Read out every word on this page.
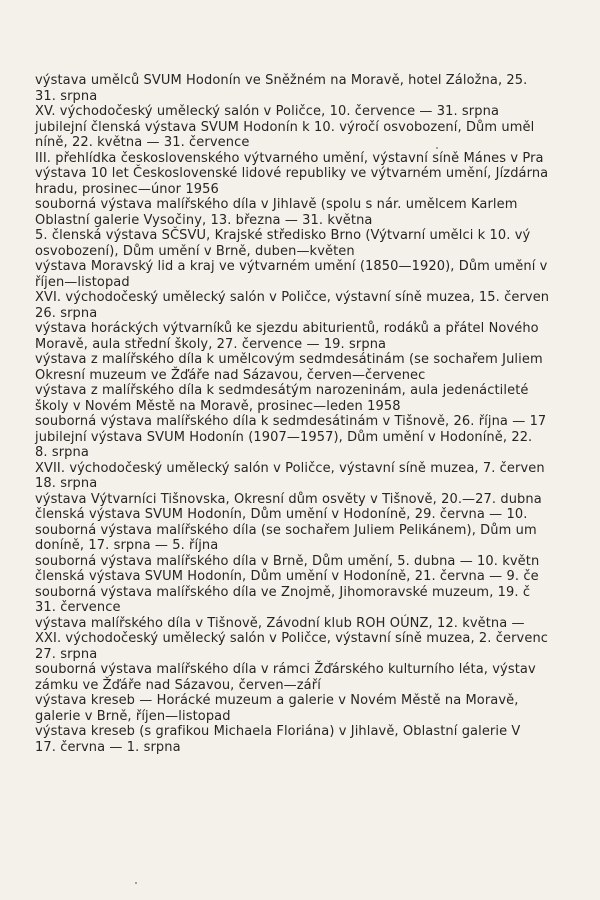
výstava umělců SVUM Hodonín ve Sněžném na Moravě, hotel Záložna, 25.
31. srpna
XV. východočeský umělecký salón v Poličce, 10. července — 31. srpna
jubilejní členská výstava SVUM Hodonín k 10. výročí osvobození, Dům uměl
níně, 22. května — 31. července
III. přehlídka československého výtvarného umění, výstavní síně Mánes v Pra
výstava 10 let Československé lidové republiky ve výtvarném umění, Jízdárna
hradu, prosinec—únor 1956
souborná výstava malířského díla v Jihlavě (spolu s nár. umělcem Karlem
Oblastní galerie Vysočiny, 13. března — 31. května
5. členská výstava SČSVU, Krajské středisko Brno (Výtvarní umělci k 10. vý
osvobození), Dům umění v Brně, duben—květen
výstava Moravský lid a kraj ve výtvarném umění (1850—1920), Dům umění v
říjen—listopad
XVI. východočeský umělecký salón v Poličce, výstavní síně muzea, 15. červen
26. srpna
výstava horáckých výtvarníků ke sjezdu abiturientů, rodáků a přátel Nového
Moravě, aula střední školy, 27. července — 19. srpna
výstava z malířského díla k umělcovým sedmdesátinám (se sochařem Juliem
Okresní muzeum ve Žďáře nad Sázavou, červen—červenec
výstava z malířského díla k sedmdesátým narozeninám, aula jedenáctileté
školy v Novém Městě na Moravě, prosinec—leden 1958
souborná výstava malířského díla k sedmdesátinám v Tišnově, 26. října — 17
jubilejní výstava SVUM Hodonín (1907—1957), Dům umění v Hodoníně, 22.
8. srpna
XVII. východočeský umělecký salón v Poličce, výstavní síně muzea, 7. červen
18. srpna
výstava Výtvarníci Tišnovska, Okresní dům osvěty v Tišnově, 20.—27. dubna
členská výstava SVUM Hodonín, Dům umění v Hodoníně, 29. června — 10.
souborná výstava malířského díla (se sochařem Juliem Pelikánem), Dům um
doníně, 17. srpna — 5. října
souborná výstava malířského díla v Brně, Dům umění, 5. dubna — 10. květn
členská výstava SVUM Hodonín, Dům umění v Hodoníně, 21. června — 9. če
souborná výstava malířského díla ve Znojmě, Jihomoravské muzeum, 19. č
31. července
výstava malířského díla v Tišnově, Závodní klub ROH OÚNZ, 12. května —
XXI. východočeský umělecký salón v Poličce, výstavní síně muzea, 2. červenc
27. srpna
souborná výstava malířského díla v rámci Žďárského kulturního léta, výstav
zámku ve Žďáře nad Sázavou, červen—září
výstava kreseb — Horácké muzeum a galerie v Novém Městě na Moravě,
galerie v Brně, říjen—listopad
výstava kreseb (s grafikou Michaela Floriána) v Jihlavě, Oblastní galerie V
17. června — 1. srpna
